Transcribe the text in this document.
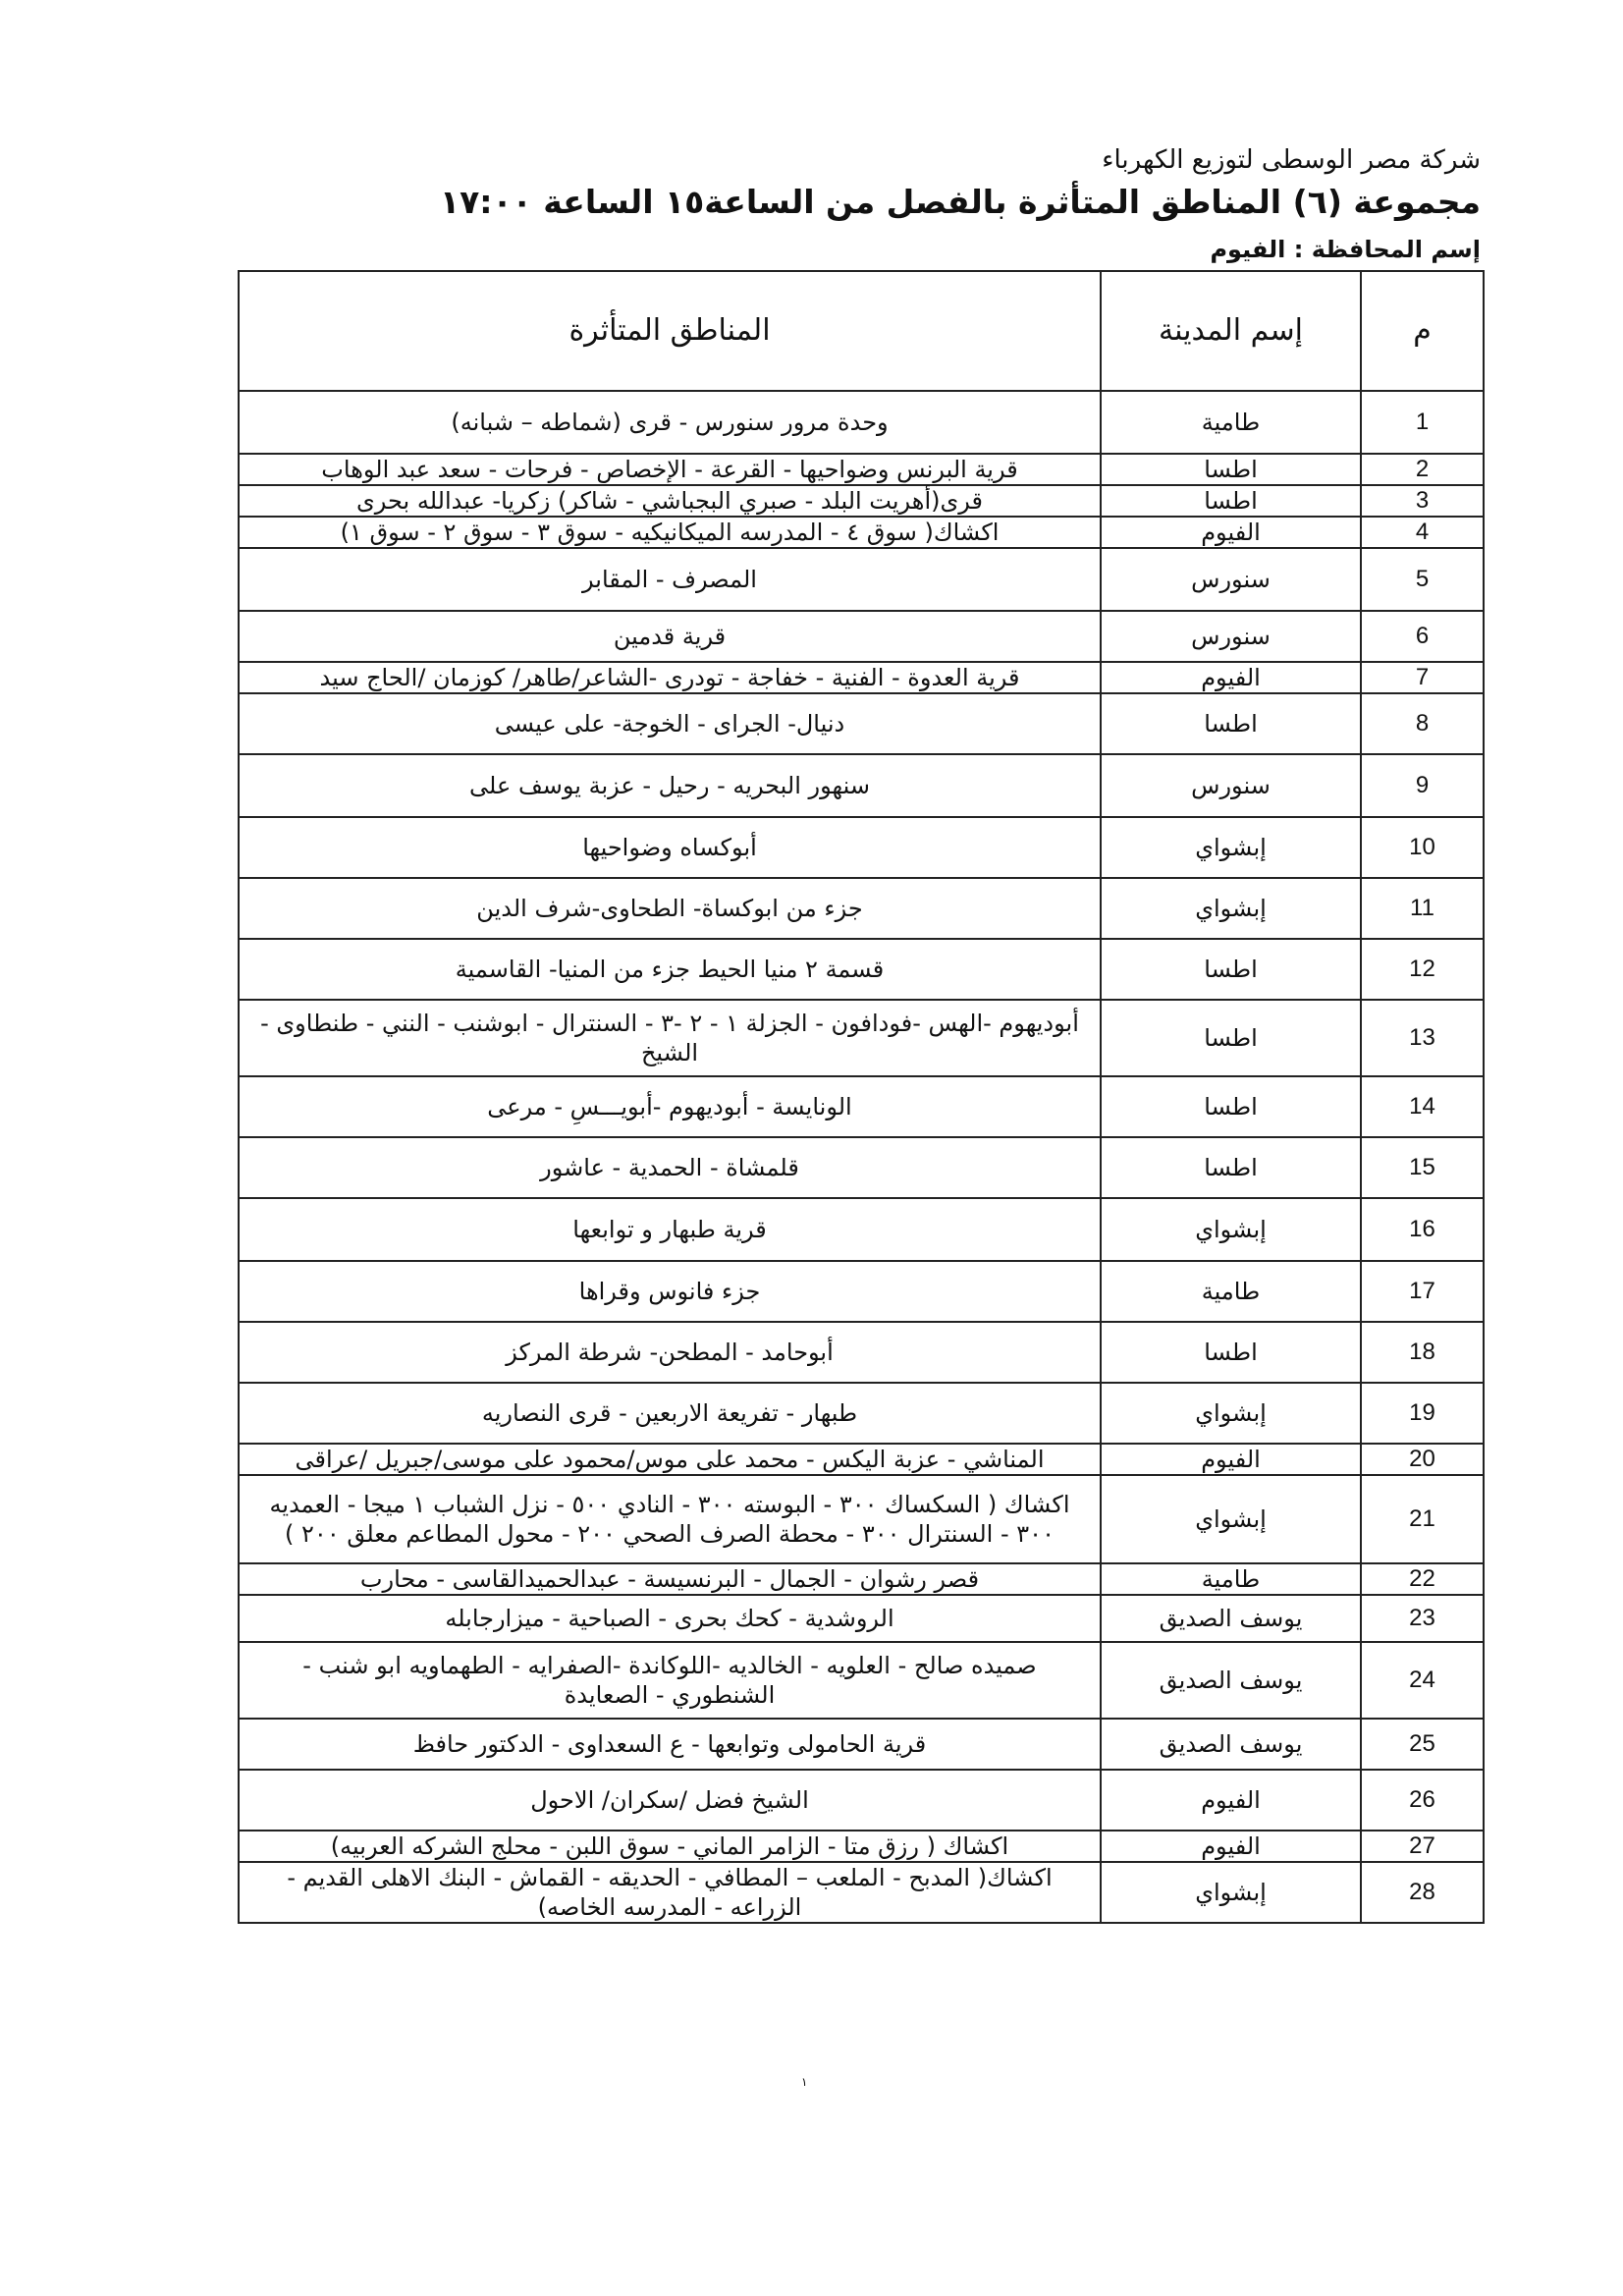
شركة مصر الوسطى لتوزيع الكهرباء
مجموعة (٦) المناطق المتأثرة بالفصل من الساعة١٥ الساعة ١٧:٠٠
إسم المحافظة : الفيوم
م	إسم المدينة	المناطق المتأثرة
1	طامية	وحدة مرور سنورس - قرى (شماطه – شبانه)
2	اطسا	قرية البرنس وضواحيها - القرعة - الإخصاص - فرحات - سعد عبد الوهاب
3	اطسا	قرى(أهريت البلد - صبري البجباشي - شاكر) زكريا- عبدالله بحرى
4	الفيوم	اكشاك( سوق ٤ - المدرسه الميكانيكيه - سوق ٣ - سوق ٢ - سوق ١)
5	سنورس	المصرف - المقابر
6	سنورس	قرية قدمين
7	الفيوم	قرية العدوة - الفنية - خفاجة - تودرى -الشاعر/طاهر/ كوزمان /الحاج سيد
8	اطسا	دنيال- الجراى - الخوجة- على عيسى
9	سنورس	سنهور البحريه - رحيل - عزبة يوسف على
10	إبشواي	أبوكساه وضواحيها
11	إبشواي	جزء من ابوكساة- الطحاوى-شرف الدين
12	اطسا	قسمة ٢ منيا الحيط جزء من المنيا- القاسمية
13	اطسا	أبوديهوم -الهس -فودافون - الجزلة ١ - ٢ -٣ - السنترال - ابوشنب - النني - طنطاوى - الشيخ
14	اطسا	الونايسة - أبوديهوم -أبويـــسِ - مرعى
15	اطسا	قلمشاة - الحمدية - عاشور
16	إبشواي	قرية طبهار و توابعها
17	طامية	جزء فانوس وقراها
18	اطسا	أبوحامد - المطحن- شرطة المركز
19	إبشواي	طبهار - تفريعة الاربعين - قرى النصاريه
20	الفيوم	المناشي - عزبة اليكس - محمد على موس/محمود على موسى/جبريل /عراقى
21	إبشواي	اكشاك ( السكساك ٣٠٠ - البوسته ٣٠٠ - النادي ٥٠٠ - نزل الشباب ١ ميجا - العمديه ٣٠٠ - السنترال ٣٠٠ - محطة الصرف الصحي ٢٠٠ - محول المطاعم معلق ٢٠٠ )
22	طامية	قصر رشوان - الجمال - البرنسيسة - عبدالحميدالقاسى - محارب
23	يوسف الصديق	الروشدية - كحك بحرى - الصباحية - ميزارجابله
24	يوسف الصديق	صميده صالح - العلويه - الخالديه -اللوكاندة -الصفرايه - الطهماويه ابو شنب - الشنطوري - الصعايدة
25	يوسف الصديق	قرية الحامولى وتوابعها - ع السعداوى - الدكتور حافظ
26	الفيوم	الشيخ فضل /سكران/ الاحول
27	الفيوم	اكشاك ( رزق متا - الزامر الماني - سوق اللبن - محلج الشركه العربيه)
28	إبشواي	اكشاك( المدبح - الملعب – المطافي - الحديقه - القماش - البنك الاهلى القديم - الزراعه - المدرسه الخاصه)
١
